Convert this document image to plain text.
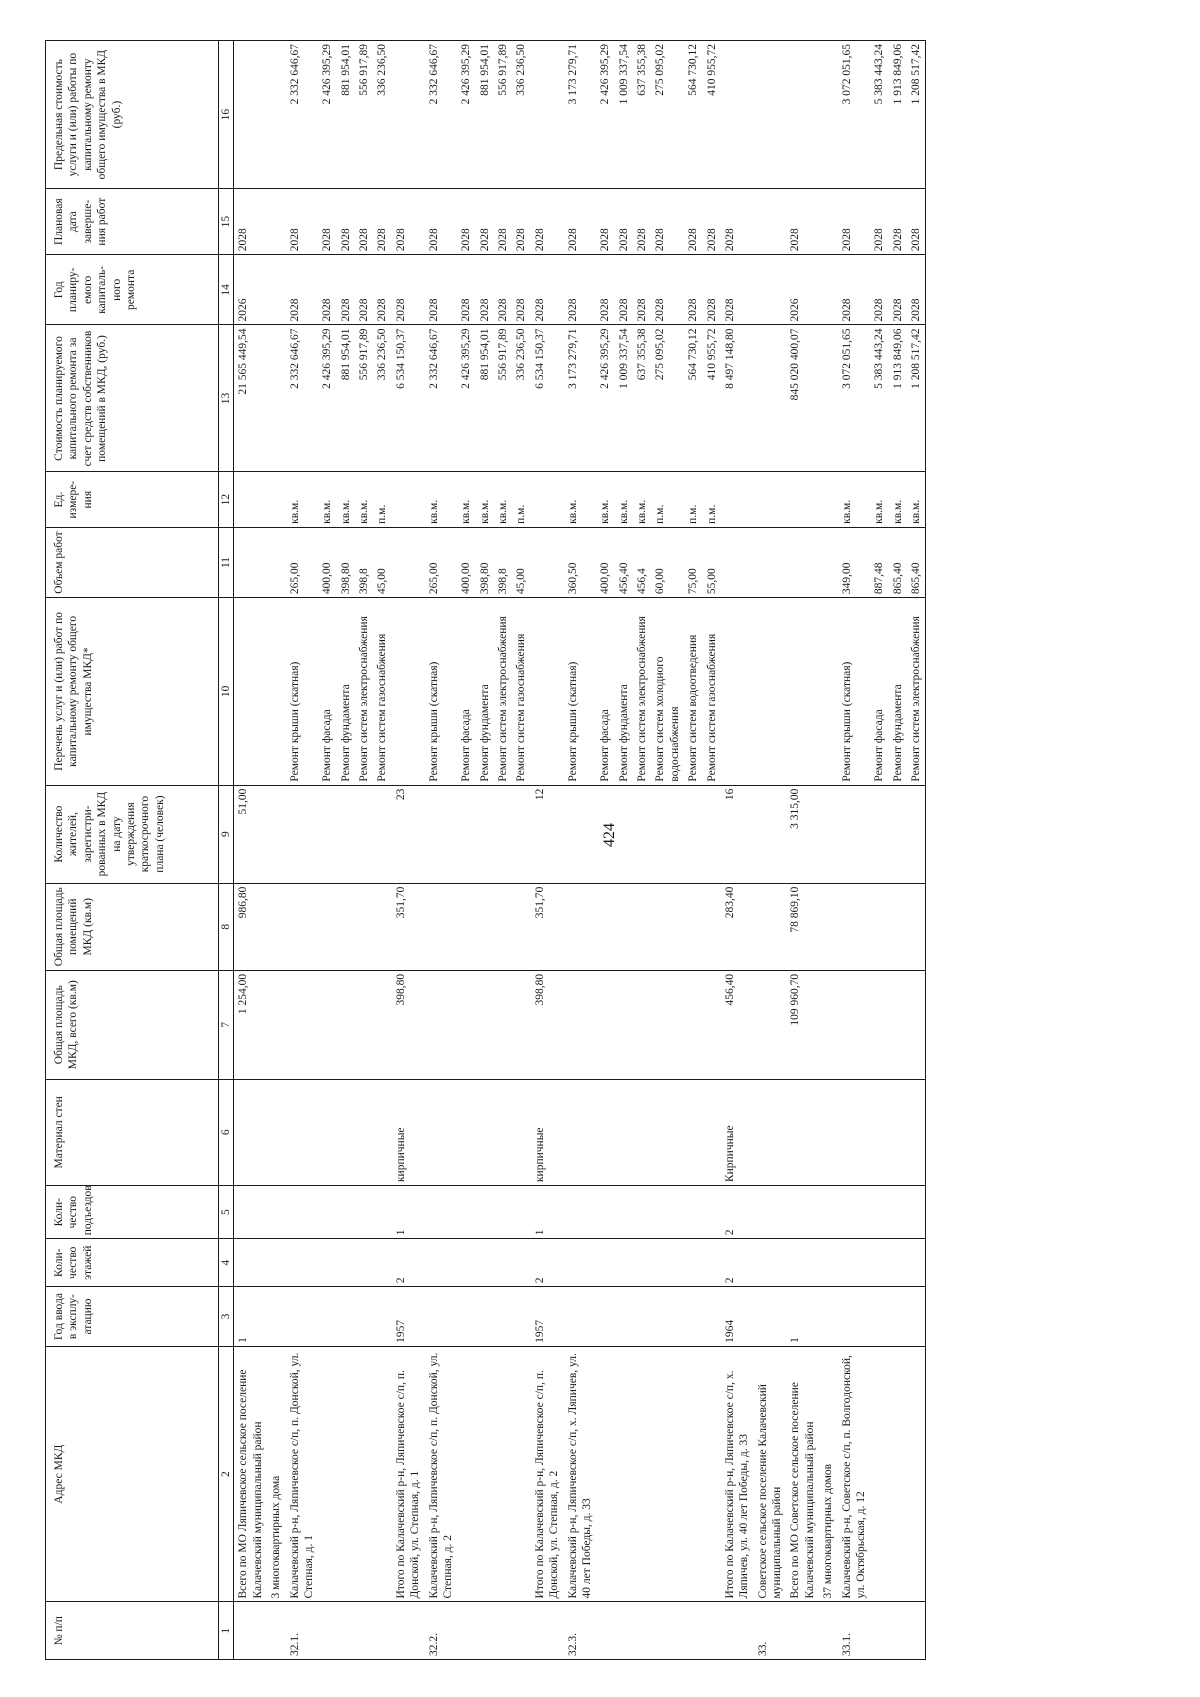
424
№ п/п	Адрес МКД	Год ввода в эксплу-атацию	Коли-чество этажей	Коли-чество подъездов	Материал стен	Общая площадь МКД, всего (кв.м)	Общая площадь помещений МКД (кв.м)	Количество жителей, зарегистри-рованных в МКД на дату утверждения краткосрочного плана (человек)	Перечень услуг и (или) работ по капитальному ремонту общего имущества МКД*	Объем работ	Ед. измере-ния	Стоимость планируемого капитального ремонта за счет средств собственников помещений в МКД, (руб.)	Год планиру-емого капиталь-ного ремонта	Плановая дата заверше-ния работ	Предельная стоимость услуги и (или) работы по капитальному ремонту общего имущества в МКД (руб.)
1	2	3	4	5	6	7	8	9	10	11	12	13	14	15	16
	Всего по МО Ляпичевское сельское поселение Калачевский муниципальный район	1				1 254,00	986,80	51,00				21 565 449,54	2026	2028	
	3 многоквартирных дома														
32.1.	Калачевский р-н, Ляпичевское с/п, п. Донской, ул. Степная, д. 1								Ремонт крыши (скатная)	265,00	кв.м.	2 332 646,67	2028	2028	2 332 646,67
									Ремонт фасада	400,00	кв.м.	2 426 395,29	2028	2028	2 426 395,29
									Ремонт фундамента	398,80	кв.м.	881 954,01	2028	2028	881 954,01
									Ремонт систем электроснабжения	398,8	кв.м.	556 917,89	2028	2028	556 917,89
									Ремонт систем газоснабжения	45,00	п.м.	336 236,50	2028	2028	336 236,50
	Итого по Калачевский р-н, Ляпичевское с/п, п. Донской, ул. Степная, д. 1	1957	2	1	кирпичные	398,80	351,70	23				6 534 150,37	2028	2028	
32.2.	Калачевский р-н, Ляпичевское с/п, п. Донской, ул. Степная, д. 2								Ремонт крыши (скатная)	265,00	кв.м.	2 332 646,67	2028	2028	2 332 646,67
									Ремонт фасада	400,00	кв.м.	2 426 395,29	2028	2028	2 426 395,29
									Ремонт фундамента	398,80	кв.м.	881 954,01	2028	2028	881 954,01
									Ремонт систем электроснабжения	398,8	кв.м.	556 917,89	2028	2028	556 917,89
									Ремонт систем газоснабжения	45,00	п.м.	336 236,50	2028	2028	336 236,50
	Итого по Калачевский р-н, Ляпичевское с/п, п. Донской, ул. Степная, д. 2	1957	2	1	кирпичные	398,80	351,70	12				6 534 150,37	2028	2028	
32.3.	Калачевский р-н, Ляпичевское с/п, х. Ляпичев, ул. 40 лет Победы, д. 33								Ремонт крыши (скатная)	360,50	кв.м.	3 173 279,71	2028	2028	3 173 279,71
									Ремонт фасада	400,00	кв.м.	2 426 395,29	2028	2028	2 426 395,29
									Ремонт фундамента	456,40	кв.м.	1 009 337,54	2028	2028	1 009 337,54
									Ремонт систем электроснабжения	456,4	кв.м.	637 355,38	2028	2028	637 355,38
									Ремонт систем холодного водоснабжения	60,00	п.м.	275 095,02	2028	2028	275 095,02
									Ремонт систем водоотведения	75,00	п.м.	564 730,12	2028	2028	564 730,12
									Ремонт систем газоснабжения	55,00	п.м.	410 955,72	2028	2028	410 955,72
	Итого по Калачевский р-н, Ляпичевское с/п, х. Ляпичев, ул. 40 лет Победы, д. 33	1964	2	2	Кирпичные	456,40	283,40	16				8 497 148,80	2028	2028	
33.	Советское сельское поселение Калачевский муниципальный район														
	Всего по МО Советское сельское поселение Калачевский муниципальный район	1				109 960,70	78 869,10	3 315,00				845 020 400,07	2026	2028	
	37 многоквартирных домов														
33.1.	Калачевский р-н, Советское с/п, п. Волгодонской, ул. Октябрьская, д. 12								Ремонт крыши (скатная)	349,00	кв.м.	3 072 051,65	2028	2028	3 072 051,65
									Ремонт фасада	887,48	кв.м.	5 383 443,24	2028	2028	5 383 443,24
									Ремонт фундамента	865,40	кв.м.	1 913 849,06	2028	2028	1 913 849,06
									Ремонт систем электроснабжения	865,40	кв.м.	1 208 517,42	2028	2028	1 208 517,42
